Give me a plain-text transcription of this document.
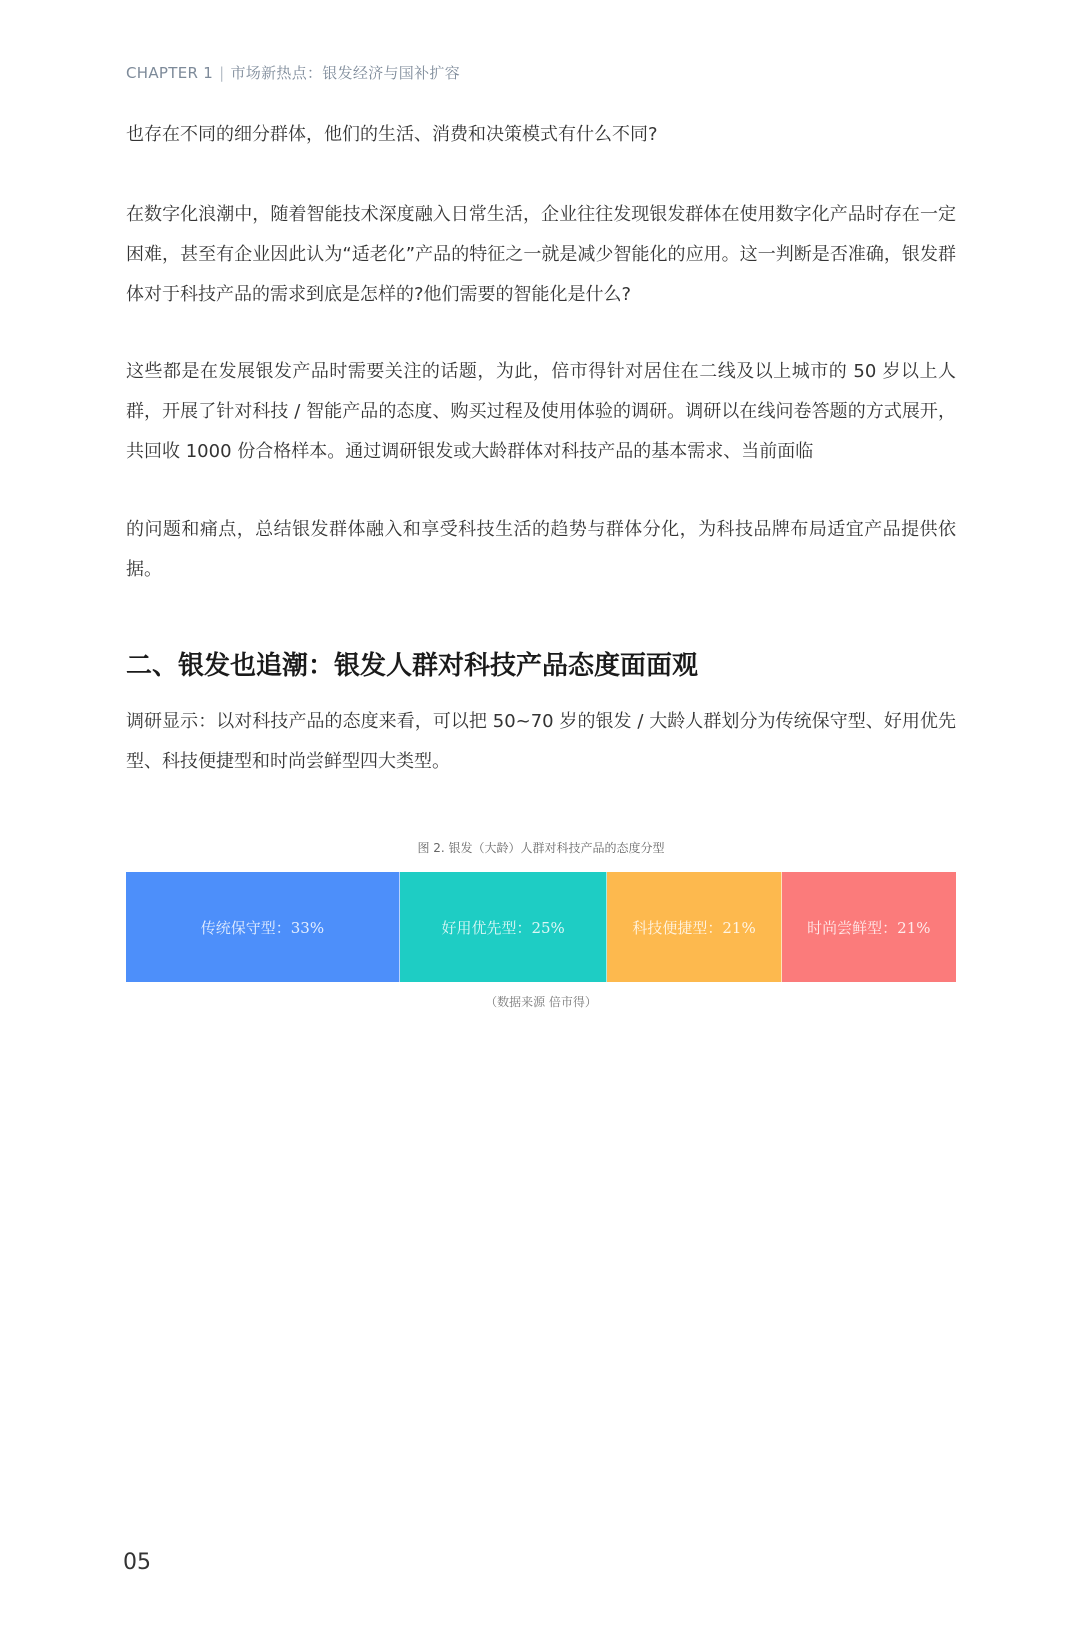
CHAPTER 1 | 市场新热点：银发经济与国补扩容

也存在不同的细分群体，他们的生活、消费和决策模式有什么不同?

在数字化浪潮中，随着智能技术深度融入日常生活，企业往往发现银发群体在使用数字化产品时存在一定困难，甚至有企业因此认为“适老化”产品的特征之一就是减少智能化的应用。这一判断是否准确，银发群体对于科技产品的需求到底是怎样的?他们需要的智能化是什么?

这些都是在发展银发产品时需要关注的话题，为此，倍市得针对居住在二线及以上城市的 50 岁以上人群，开展了针对科技 / 智能产品的态度、购买过程及使用体验的调研。调研以在线问卷答题的方式展开，共回收 1000 份合格样本。通过调研银发或大龄群体对科技产品的基本需求、当前面临

的问题和痛点，总结银发群体融入和享受科技生活的趋势与群体分化，为科技品牌布局适宜产品提供依据。

二、银发也追潮：银发人群对科技产品态度面面观

调研显示：以对科技产品的态度来看，可以把 50~70 岁的银发 / 大龄人群划分为传统保守型、好用优先型、科技便捷型和时尚尝鲜型四大类型。

图 2. 银发（大龄）人群对科技产品的态度分型
传统保守型：33%	好用优先型：25%	科技便捷型：21%	时尚尝鲜型：21%
（数据来源 倍市得）
05
